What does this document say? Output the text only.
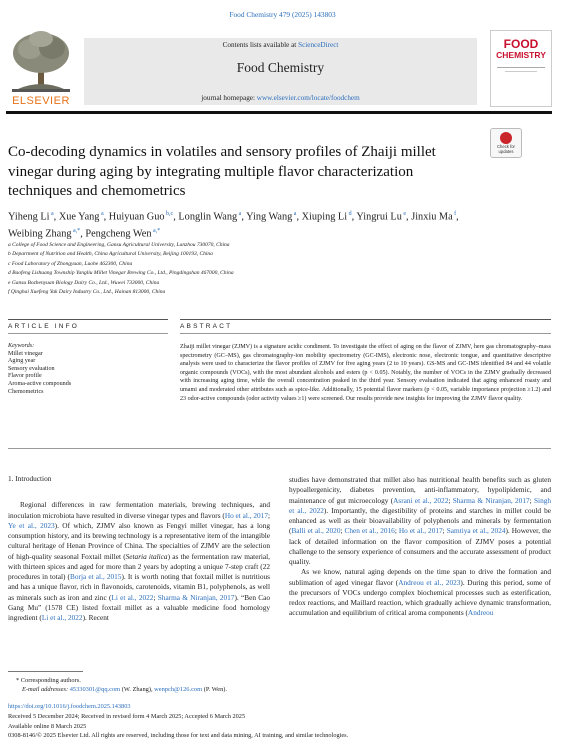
Food Chemistry 479 (2025) 143803
ELSEVIER
Contents lists available at ScienceDirect
Food Chemistry
journal homepage: www.elsevier.com/locate/foodchem
FOOD
CHEMISTRY
Check for updates
Co-decoding dynamics in volatiles and sensory profiles of Zhaiji millet vinegar during aging by integrating multiple flavor characterization techniques and chemometrics
Yiheng Li $^a$, Xue Yang $^a$, Huiyuan Guo $^{b,c}$, Longlin Wang $^a$, Ying Wang $^a$, Xiuping Li $^d$, Yingrui Lu $^e$, Jinxiu Ma $^f$, Weibing Zhang $^{a,*}$, Pengcheng Wen $^{a,*}$
a College of Food Science and Engineering, Gansu Agricultural University, Lanzhou 730070, China
b Department of Nutrition and Health, China Agricultural University, Beijing 100193, China
c Food Laboratory of Zhongyuan, Luohe 462300, China
d Baofeng Lishuang Township Yangliu Millet Vinegar Brewing Co., Ltd., Pingdingshan 467000, China
e Gansu Bozhenyuan Biology Dairy Co., Ltd., Wuwei 733000, China
f Qinghai Xuefeng Yak Dairy Industry Co., Ltd., Hainan 813000, China
ARTICLE INFO	ABSTRACT
Keywords:
Millet vinegar
Aging year
Sensory evaluation
Flavor profile
Aroma-active compounds
Chemometrics
Zhaiji millet vinegar (ZJMV) is a signature acidic condiment. To investigate the effect of aging on the flavor of ZJMV, here gas chromatography–mass spectrometry (GC–MS), gas chromatography-ion mobility spectrometry (GC-IMS), electronic nose, electronic tongue, and quantitative descriptive analysis were used to characterize the flavor profiles of ZJMV for five aging years (2 to 10 years). GS-MS and GC-IMS identified 84 and 44 volatile organic compounds (VOCs), with the most abundant alcohols and esters (p < 0.05). Notably, the number of VOCs in the ZJMV gradually decreased with increasing aging time, while the overall concentration peaked in the third year. Sensory evaluation indicated that aging enhanced roasty and umami and moderated other attributes such as spice-like. Additionally, 15 potential flavor markers (p < 0.05, variable importance projection ≥1.2) and 23 odor-active compounds (odor activity values ≥1) were screened. Our results provide new insights for improving the ZJMV flavor quality.
1. Introduction

Regional differences in raw fermentation materials, brewing techniques, and inoculation microbiota have resulted in diverse vinegar types and flavors (Ho et al., 2017; Ye et al., 2023). Of which, ZJMV also known as Fengyi millet vinegar, has a long consumption history, and its brewing technology is a representative item of the intangible cultural heritage of Henan Province of China. The specialties of ZJMV are the selection of high-quality seasonal Foxtail millet (Setaria italica) as the fermentation raw material, with thirteen spices and aged for more than 2 years by adopting a unique 7-step craft (22 procedures in total) (Borja et al., 2015). It is worth noting that foxtail millet is nutritious and has a unique flavor, rich in flavonoids, carotenoids, vitamin B1, polyphenols, as well as minerals such as iron and zinc (Li et al., 2022; Sharma & Niranjan, 2017). “Ben Cao Gang Mu” (1578 CE) listed foxtail millet as a valuable medicine food homology ingredient (Li et al., 2022). Recent

studies have demonstrated that millet also has nutritional health benefits such as gluten hypoallergenicity, diabetes prevention, anti-inflammatory, hypolipidemic, and maintenance of gut microecology (Asrani et al., 2022; Sharma & Niranjan, 2017; Singh et al., 2022). Importantly, the digestibility of proteins and starches in millet could be enhanced as well as their bioavailability of polyphenols and minerals by fermentation (Balli et al., 2020; Chen et al., 2016; Ho et al., 2017; Samtiya et al., 2024). However, the lack of detailed information on the flavor composition of ZJMV poses a potential challenge to the sensory experience of consumers and the accurate assessment of product quality.

As we know, natural aging depends on the time span to drive the formation and sublimation of aged vinegar flavor (Andreou et al., 2023). During this period, some of the precursors of VOCs undergo complex biochemical processes such as esterification, redox reactions, and Maillard reaction, which gradually achieve dynamic transformation, accumulation and equilibrium of critical aroma components (Andreou

* Corresponding authors.
E-mail addresses: 45330301@qq.com (W. Zhang), wenpch@126.com (P. Wen).
https://doi.org/10.1016/j.foodchem.2025.143803
Received 5 December 2024; Received in revised form 4 March 2025; Accepted 6 March 2025
Available online 8 March 2025
0308-8146/© 2025 Elsevier Ltd. All rights are reserved, including those for text and data mining, AI training, and similar technologies.
